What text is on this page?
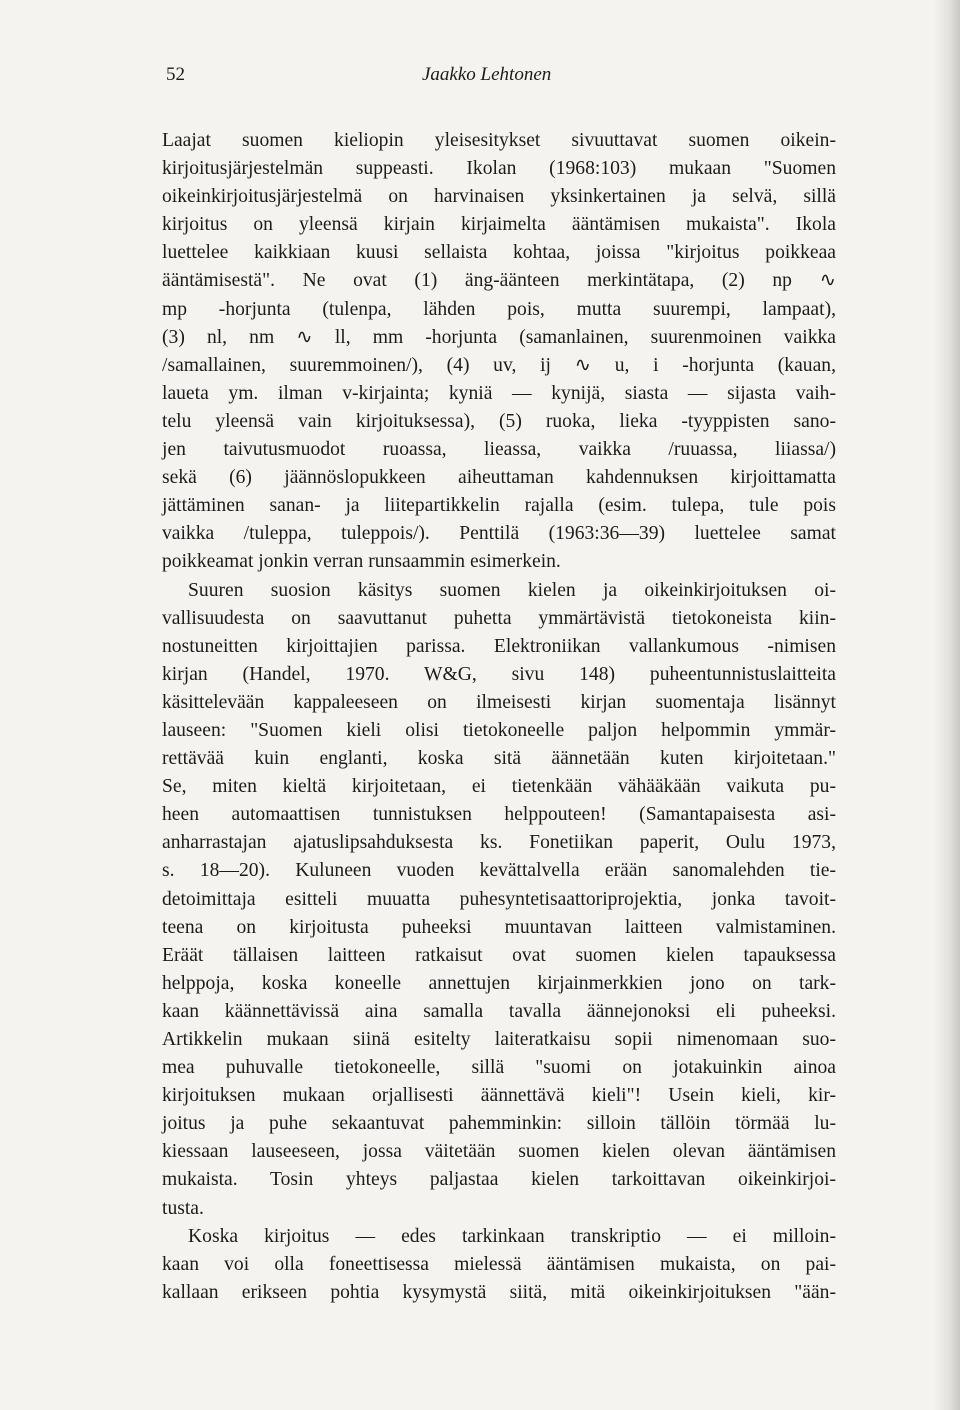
52	Jaakko Lehtonen
Laajat suomen kieliopin yleisesitykset sivuuttavat suomen oikein-
kirjoitusjärjestelmän suppeasti. Ikolan (1968:103) mukaan "Suomen
oikeinkirjoitusjärjestelmä on harvinaisen yksinkertainen ja selvä, sillä
kirjoitus on yleensä kirjain kirjaimelta ääntämisen mukaista". Ikola
luettelee kaikkiaan kuusi sellaista kohtaa, joissa "kirjoitus poikkeaa
ääntämisestä". Ne ovat (1) äng-äänteen merkintätapa, (2) np ∿
mp -horjunta (tulenpa, lähden pois, mutta suurempi, lampaat),
(3) nl, nm ∿ ll, mm -horjunta (samanlainen, suurenmoinen vaikka
/samallainen, suuremmoinen/), (4) uv, ij ∿ u, i -horjunta (kauan,
laueta ym. ilman v-kirjainta; kyniä — kynijä, siasta — sijasta vaih-
telu yleensä vain kirjoituksessa), (5) ruoka, lieka -tyyppisten sano-
jen taivutusmuodot ruoassa, lieassa, vaikka /ruuassa, liiassa/)
sekä (6) jäännöslopukkeen aiheuttaman kahdennuksen kirjoittamatta
jättäminen sanan- ja liitepartikkelin rajalla (esim. tulepa, tule pois
vaikka /tuleppa, tuleppois/). Penttilä (1963:36—39) luettelee samat
poikkeamat jonkin verran runsaammin esimerkein.
Suuren suosion käsitys suomen kielen ja oikeinkirjoituksen oi-
vallisuudesta on saavuttanut puhetta ymmärtävistä tietokoneista kiin-
nostuneitten kirjoittajien parissa. Elektroniikan vallankumous -nimisen
kirjan (Handel, 1970. W&G, sivu 148) puheentunnistuslaitteita
käsittelevään kappaleeseen on ilmeisesti kirjan suomentaja lisännyt
lauseen: "Suomen kieli olisi tietokoneelle paljon helpommin ymmär-
rettävää kuin englanti, koska sitä äännetään kuten kirjoitetaan."
Se, miten kieltä kirjoitetaan, ei tietenkään vähääkään vaikuta pu-
heen automaattisen tunnistuksen helppouteen! (Samantapaisesta asi-
anharrastajan ajatuslipsahduksesta ks. Fonetiikan paperit, Oulu 1973,
s. 18—20). Kuluneen vuoden kevättalvella erään sanomalehden tie-
detoimittaja esitteli muuatta puhesyntetisaattoriprojektia, jonka tavoit-
teena on kirjoitusta puheeksi muuntavan laitteen valmistaminen.
Eräät tällaisen laitteen ratkaisut ovat suomen kielen tapauksessa
helppoja, koska koneelle annettujen kirjainmerkkien jono on tark-
kaan käännettävissä aina samalla tavalla äännejonoksi eli puheeksi.
Artikkelin mukaan siinä esitelty laiteratkaisu sopii nimenomaan suo-
mea puhuvalle tietokoneelle, sillä "suomi on jotakuinkin ainoa
kirjoituksen mukaan orjallisesti äännettävä kieli"! Usein kieli, kir-
joitus ja puhe sekaantuvat pahemminkin: silloin tällöin törmää lu-
kiessaan lauseeseen, jossa väitetään suomen kielen olevan ääntämisen
mukaista. Tosin yhteys paljastaa kielen tarkoittavan oikeinkirjoi-
tusta.
Koska kirjoitus — edes tarkinkaan transkriptio — ei milloin-
kaan voi olla foneettisessa mielessä ääntämisen mukaista, on pai-
kallaan erikseen pohtia kysymystä siitä, mitä oikeinkirjoituksen "ään-
